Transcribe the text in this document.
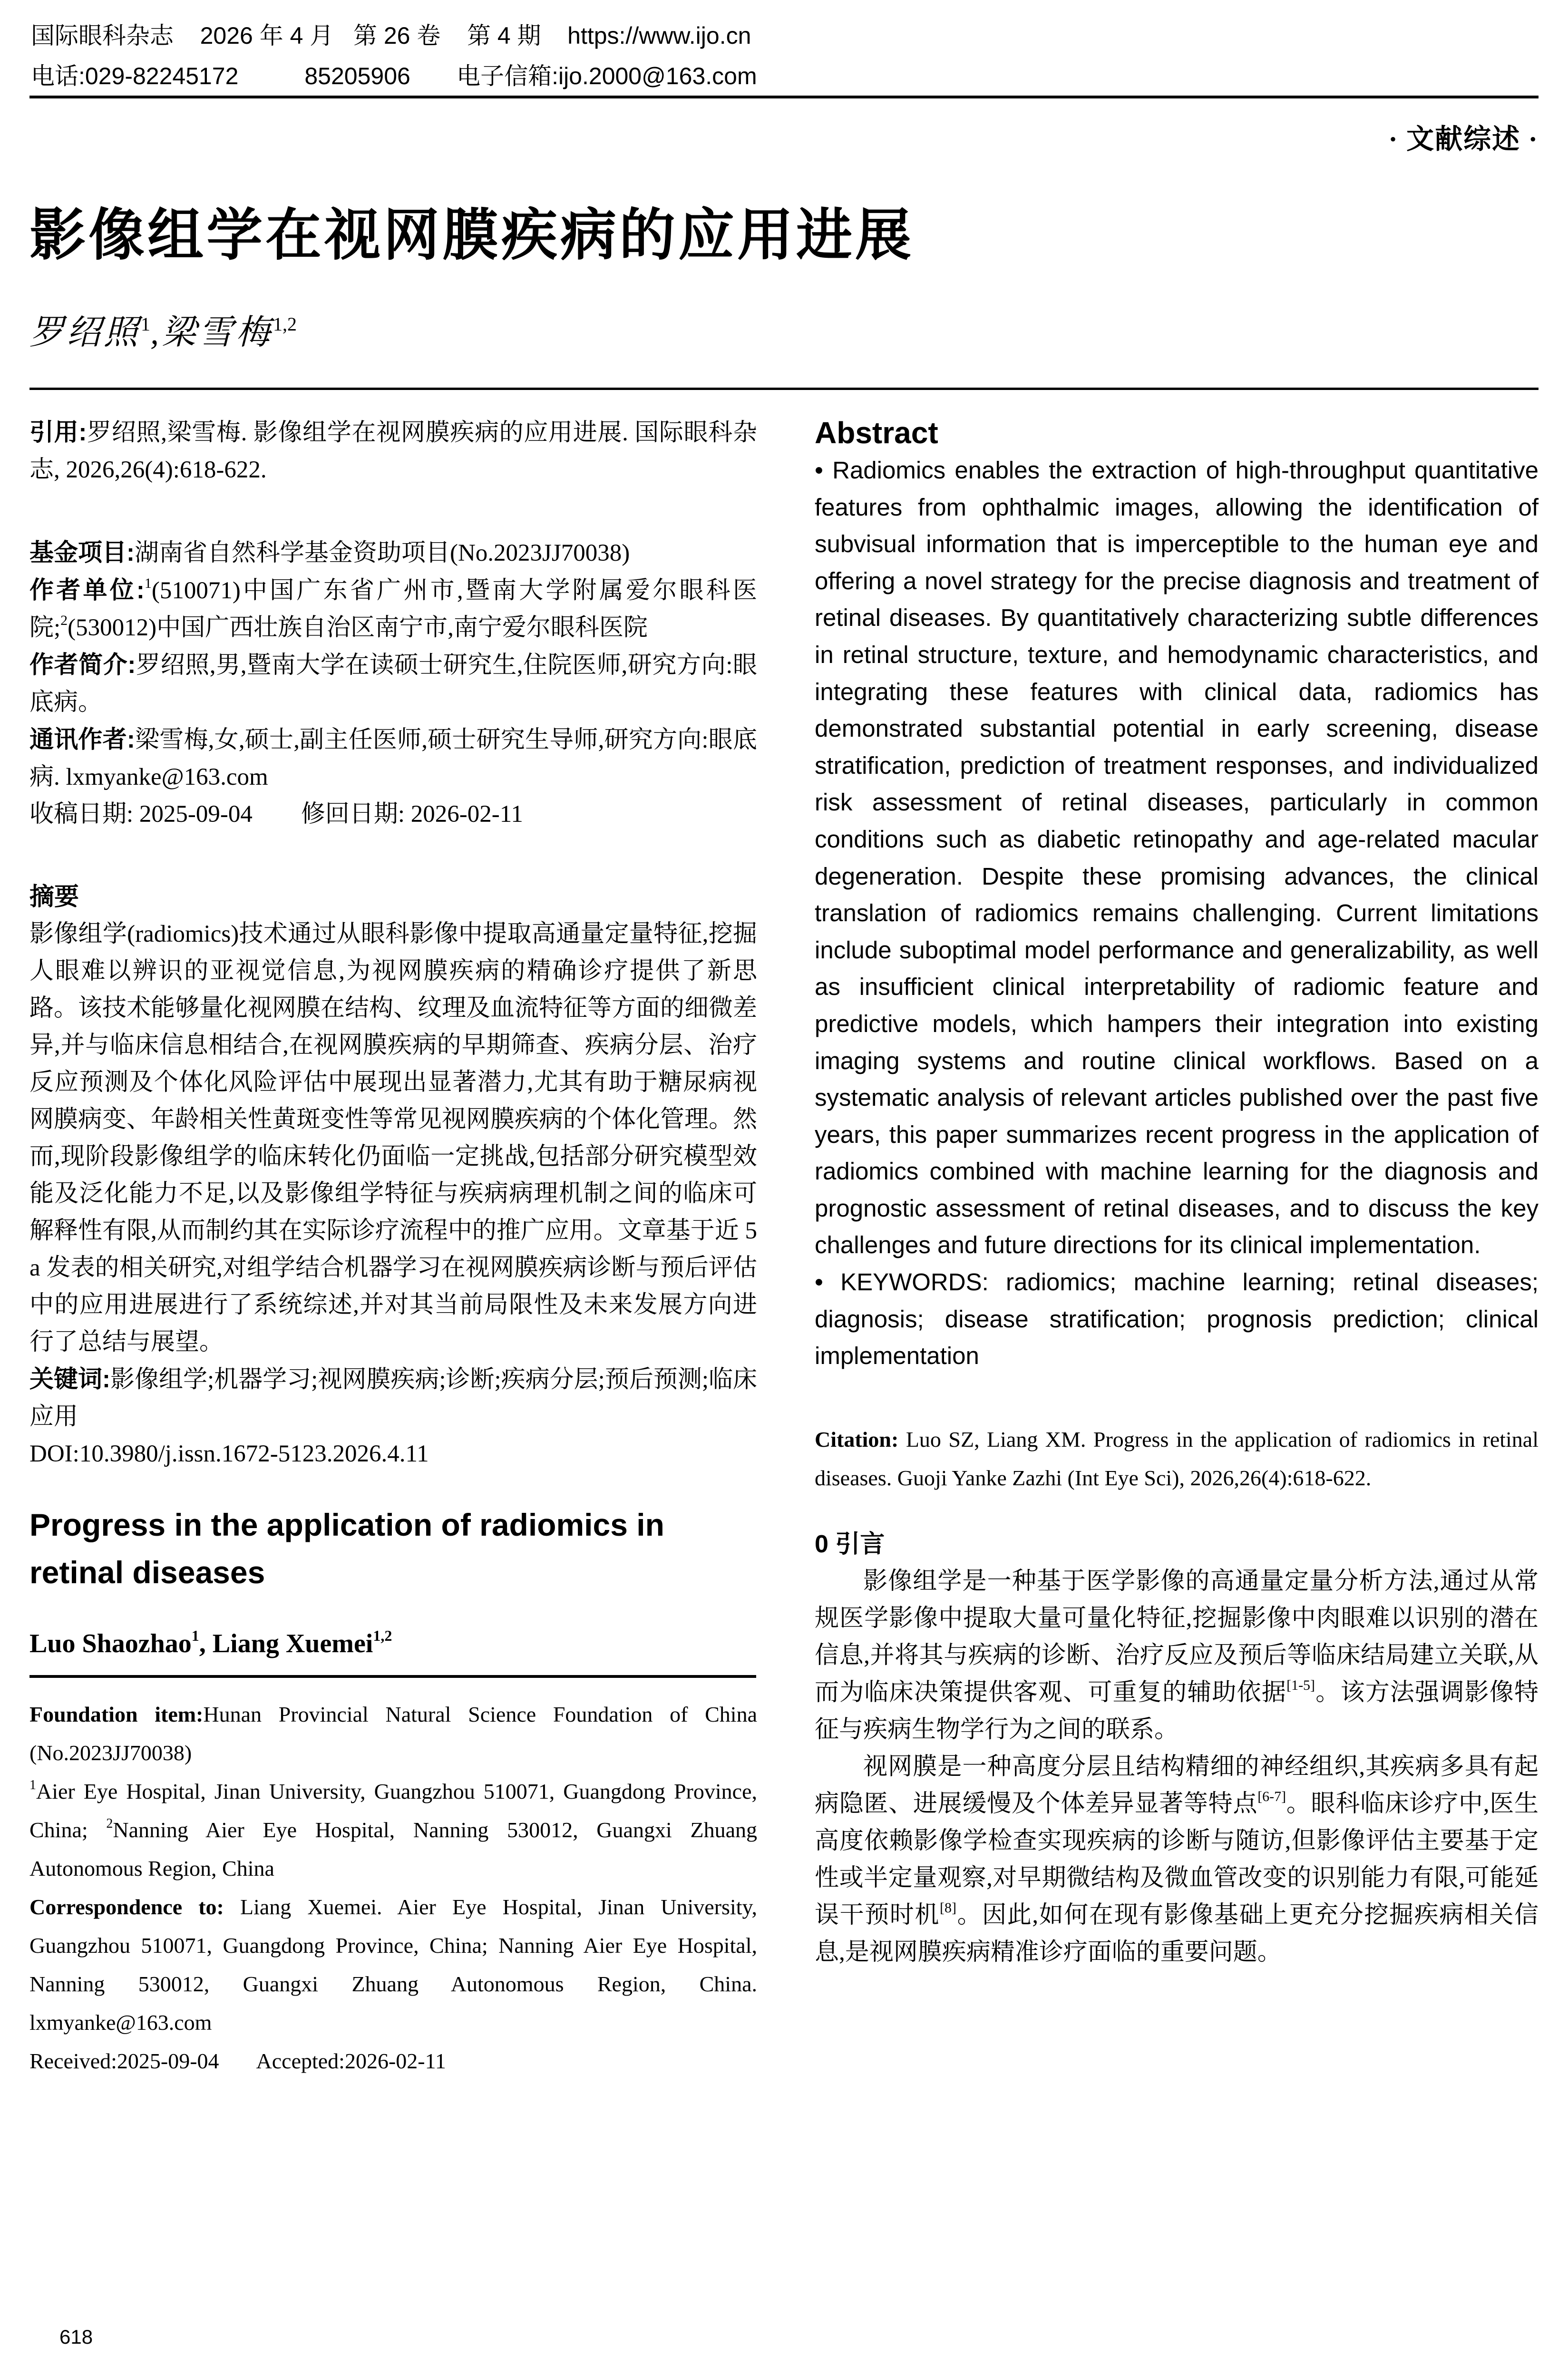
国际眼科杂志 2026 年 4 月 第 26 卷 第 4 期 https://www.ijo.cn
电话:029-82245172	85205906 电子信箱:ijo.2000@163.com
· 文献综述 ·
影像组学在视网膜疾病的应用进展
罗绍照$^1$,梁雪梅$^{1,2}$

引用:罗绍照,梁雪梅. 影像组学在视网膜疾病的应用进展. 国际眼科杂志, 2026,26(4):618-622.

基金项目:湖南省自然科学基金资助项目(No.2023JJ70038)

作者单位:$^1$(510071)中国广东省广州市,暨南大学附属爱尔眼科医院;$^2$(530012)中国广西壮族自治区南宁市,南宁爱尔眼科医院

作者简介:罗绍照,男,暨南大学在读硕士研究生,住院医师,研究方向:眼底病。

通讯作者:梁雪梅,女,硕士,副主任医师,硕士研究生导师,研究方向:眼底病. lxmyanke@163.com

收稿日期: 2025-09-04 修回日期: 2026-02-11

摘要

影像组学(radiomics)技术通过从眼科影像中提取高通量定量特征,挖掘人眼难以辨识的亚视觉信息,为视网膜疾病的精确诊疗提供了新思路。该技术能够量化视网膜在结构、纹理及血流特征等方面的细微差异,并与临床信息相结合,在视网膜疾病的早期筛查、疾病分层、治疗反应预测及个体化风险评估中展现出显著潜力,尤其有助于糖尿病视网膜病变、年龄相关性黄斑变性等常见视网膜疾病的个体化管理。然而,现阶段影像组学的临床转化仍面临一定挑战,包括部分研究模型效能及泛化能力不足,以及影像组学特征与疾病病理机制之间的临床可解释性有限,从而制约其在实际诊疗流程中的推广应用。文章基于近 5 a 发表的相关研究,对组学结合机器学习在视网膜疾病诊断与预后评估中的应用进展进行了系统综述,并对其当前局限性及未来发展方向进行了总结与展望。

关键词:影像组学;机器学习;视网膜疾病;诊断;疾病分层;预后预测;临床应用

DOI:10.3980/j.issn.1672-5123.2026.4.11

Progress in the application of radiomics in retinal diseases

Luo Shaozhao$^1$, Liang Xuemei$^{1,2}$

Foundation item:Hunan Provincial Natural Science Foundation of China (No.2023JJ70038)

$^1$Aier Eye Hospital, Jinan University, Guangzhou 510071, Guangdong Province, China; $^2$Nanning Aier Eye Hospital, Nanning 530012, Guangxi Zhuang Autonomous Region, China

Correspondence to: Liang Xuemei. Aier Eye Hospital, Jinan University, Guangzhou 510071, Guangdong Province, China; Nanning Aier Eye Hospital, Nanning 530012, Guangxi Zhuang Autonomous Region, China. lxmyanke@163.com

Received:2025-09-04 Accepted:2026-02-11

Abstract

• Radiomics enables the extraction of high-throughput quantitative features from ophthalmic images, allowing the identification of subvisual information that is imperceptible to the human eye and offering a novel strategy for the precise diagnosis and treatment of retinal diseases. By quantitatively characterizing subtle differences in retinal structure, texture, and hemodynamic characteristics, and integrating these features with clinical data, radiomics has demonstrated substantial potential in early screening, disease stratification, prediction of treatment responses, and individualized risk assessment of retinal diseases, particularly in common conditions such as diabetic retinopathy and age-related macular degeneration. Despite these promising advances, the clinical translation of radiomics remains challenging. Current limitations include suboptimal model performance and generalizability, as well as insufficient clinical interpretability of radiomic feature and predictive models, which hampers their integration into existing imaging systems and routine clinical workflows. Based on a systematic analysis of relevant articles published over the past five years, this paper summarizes recent progress in the application of radiomics combined with machine learning for the diagnosis and prognostic assessment of retinal diseases, and to discuss the key challenges and future directions for its clinical implementation.

• KEYWORDS: radiomics; machine learning; retinal diseases; diagnosis; disease stratification; prognosis prediction; clinical implementation

Citation: Luo SZ, Liang XM. Progress in the application of radiomics in retinal diseases. Guoji Yanke Zazhi (Int Eye Sci), 2026,26(4):618-622.

0 引言

影像组学是一种基于医学影像的高通量定量分析方法,通过从常规医学影像中提取大量可量化特征,挖掘影像中肉眼难以识别的潜在信息,并将其与疾病的诊断、治疗反应及预后等临床结局建立关联,从而为临床决策提供客观、可重复的辅助依据[1-5]。该方法强调影像特征与疾病生物学行为之间的联系。

视网膜是一种高度分层且结构精细的神经组织,其疾病多具有起病隐匿、进展缓慢及个体差异显著等特点[6-7]。眼科临床诊疗中,医生高度依赖影像学检查实现疾病的诊断与随访,但影像评估主要基于定性或半定量观察,对早期微结构及微血管改变的识别能力有限,可能延误干预时机[8]。因此,如何在现有影像基础上更充分挖掘疾病相关信息,是视网膜疾病精准诊疗面临的重要问题。

618
